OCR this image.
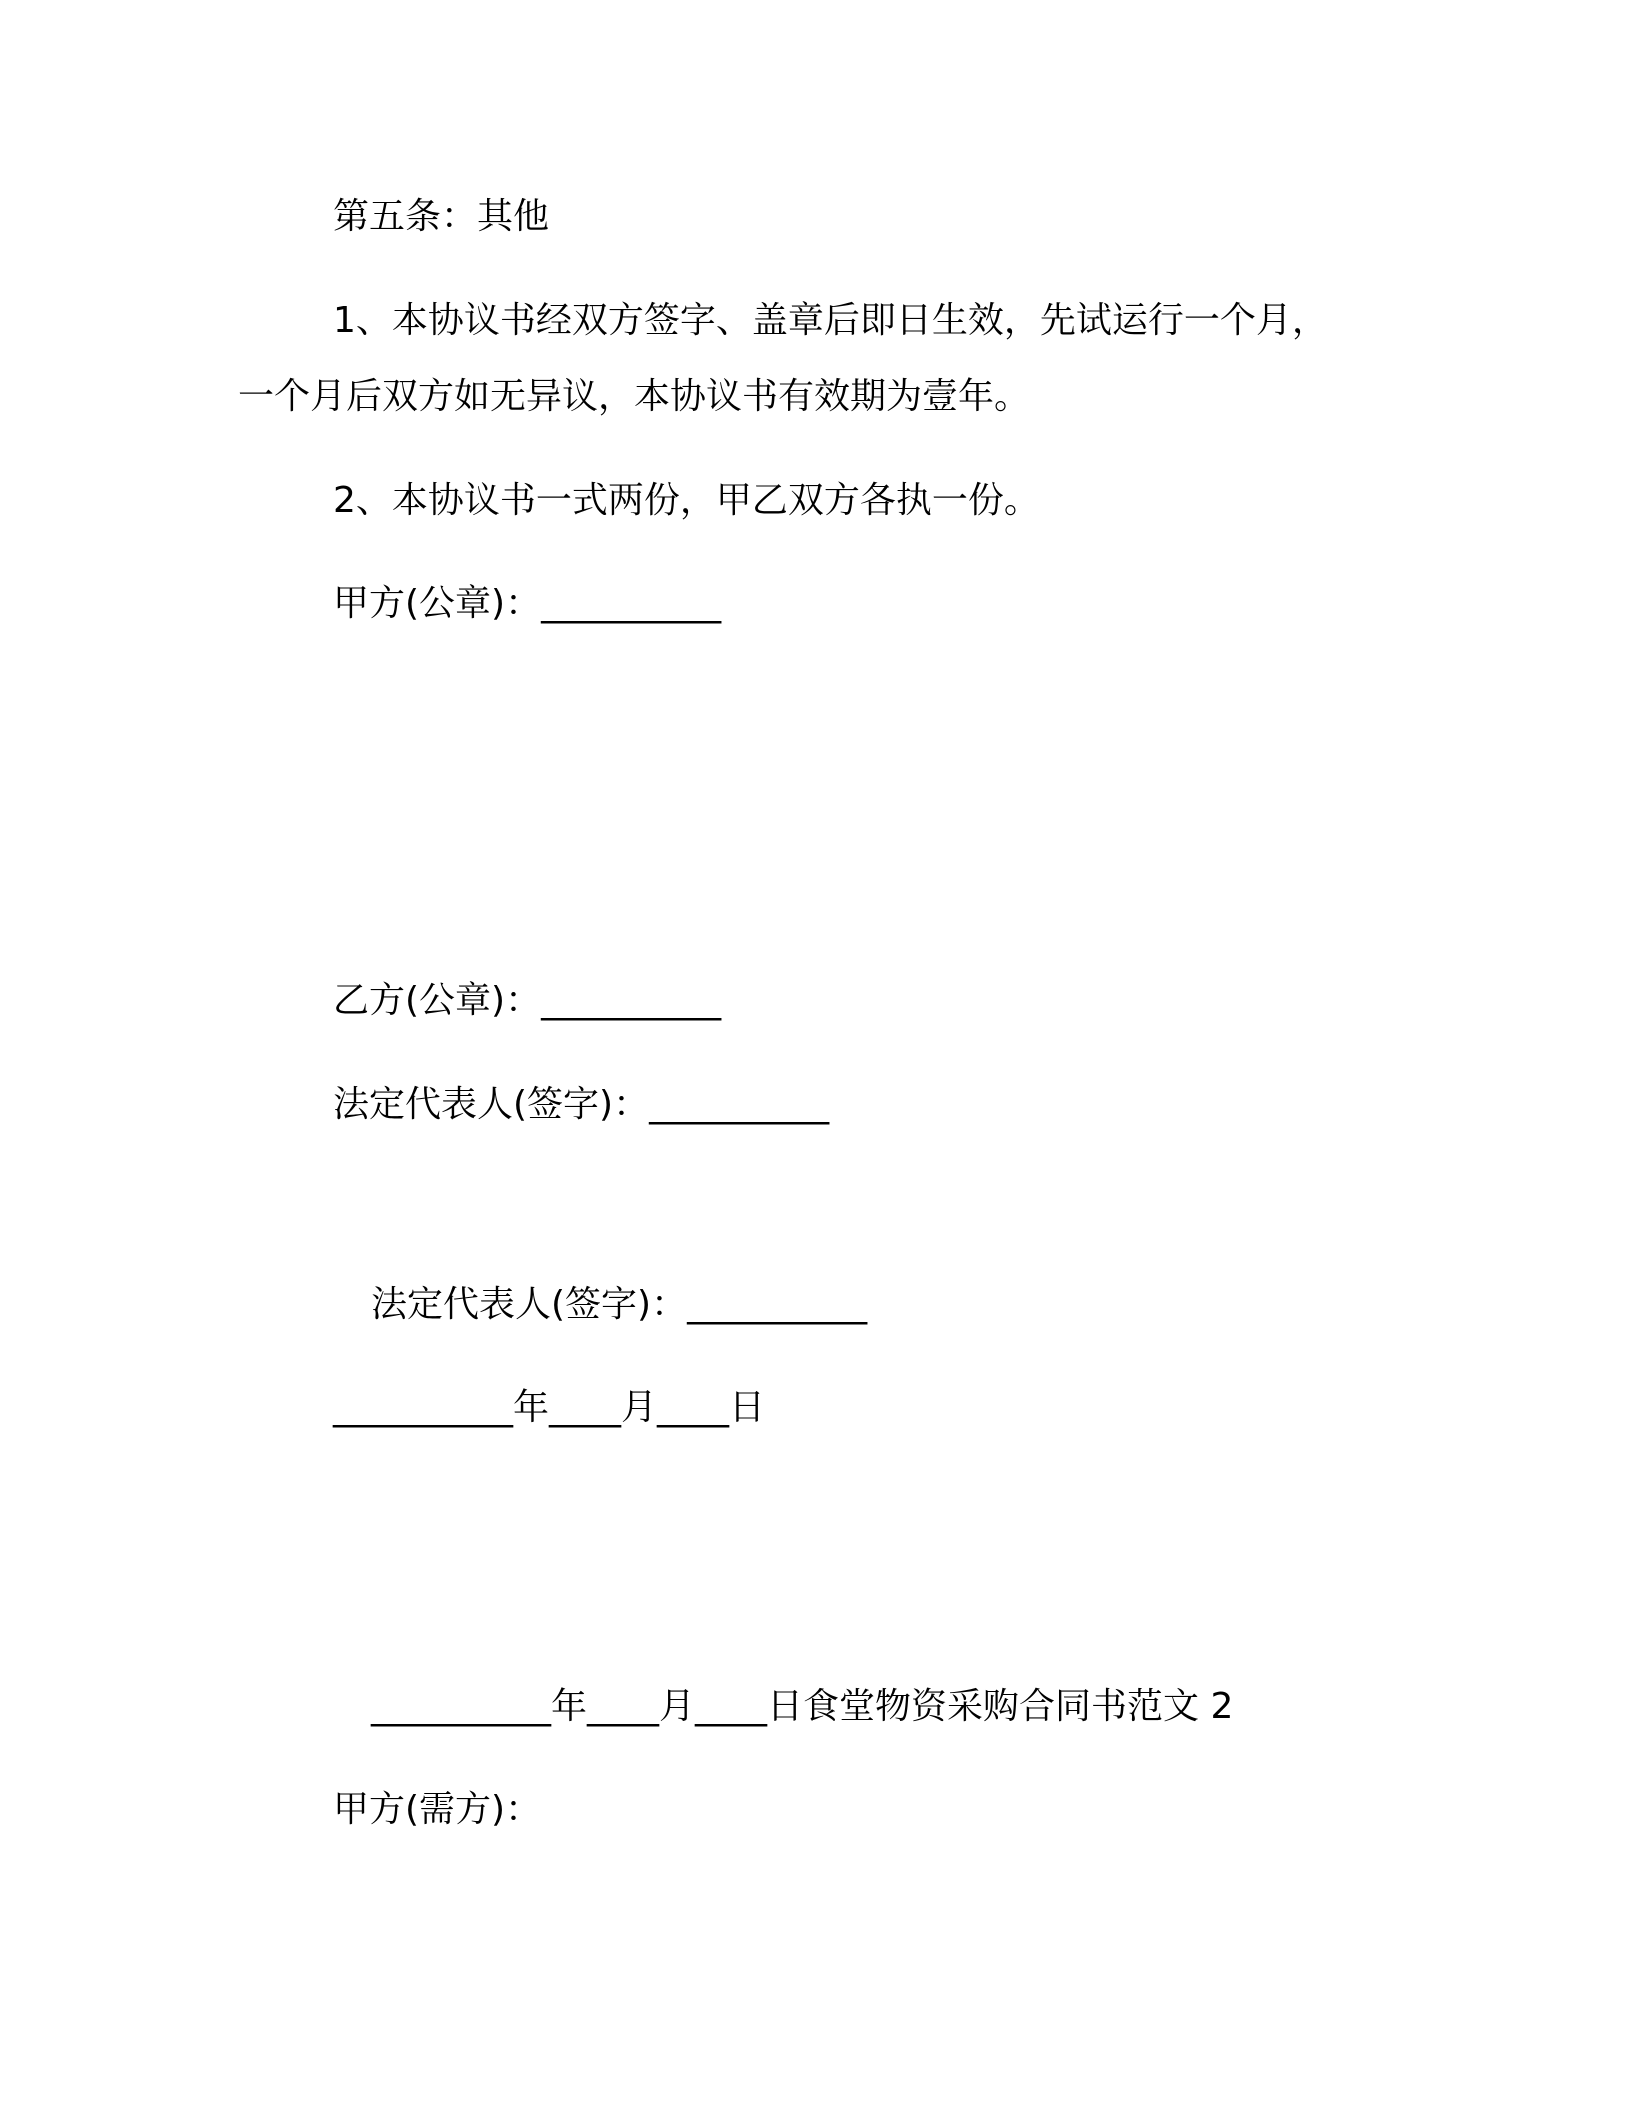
第五条：其他
1、本协议书经双方签字、盖章后即日生效，先试运行一个月，
一个月后双方如无异议，本协议书有效期为壹年。
2、本协议书一式两份，甲乙双方各执一份。
甲方(公章)：__________
乙方(公章)：__________
法定代表人(签字)：__________
法定代表人(签字)：__________
__________年____月____日
__________年____月____日食堂物资采购合同书范文 2
甲方(需方)：
